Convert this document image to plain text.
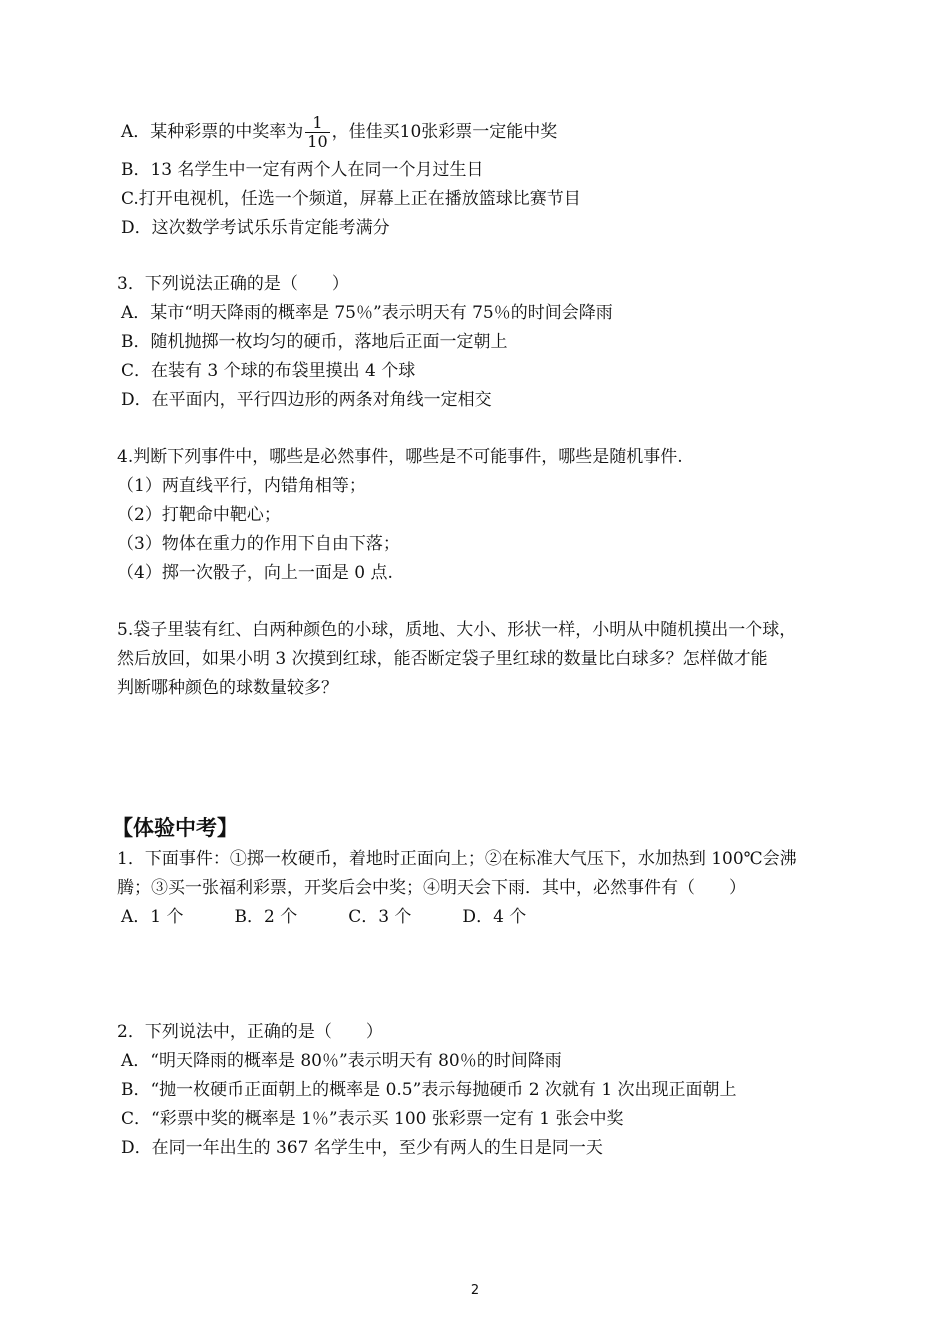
A．某种彩票的中奖率为 $\frac{1}{10}$ ，佳佳买10张彩票一定能中奖
B．13 名学生中一定有两个人在同一个月过生日
C.打开电视机，任选一个频道，屏幕上正在播放篮球比赛节目
D．这次数学考试乐乐肯定能考满分
3．下列说法正确的是（　　）
A．某市“明天降雨的概率是 75％”表示明天有 75％的时间会降雨
B．随机抛掷一枚均匀的硬币，落地后正面一定朝上
C．在装有 3 个球的布袋里摸出 4 个球
D．在平面内，平行四边形的两条对角线一定相交
4.判断下列事件中，哪些是必然事件，哪些是不可能事件，哪些是随机事件.
（1）两直线平行，内错角相等；
（2）打靶命中靶心；
（3）物体在重力的作用下自由下落；
（4）掷一次骰子，向上一面是 0 点.
5.袋子里装有红、白两种颜色的小球，质地、大小、形状一样，小明从中随机摸出一个球，
然后放回，如果小明 3 次摸到红球，能否断定袋子里红球的数量比白球多？怎样做才能
判断哪种颜色的球数量较多？
【体验中考】
1．下面事件：①掷一枚硬币，着地时正面向上；②在标准大气压下，水加热到 100℃会沸
腾；③买一张福利彩票，开奖后会中奖；④明天会下雨．其中，必然事件有（　　）
A．1 个　　　B．2 个　　　C．3 个　　　D．4 个
2．下列说法中，正确的是（　　）
A．“明天降雨的概率是 80％”表示明天有 80％的时间降雨
B．“抛一枚硬币正面朝上的概率是 0.5”表示每抛硬币 2 次就有 1 次出现正面朝上
C．“彩票中奖的概率是 1％”表示买 100 张彩票一定有 1 张会中奖
D．在同一年出生的 367 名学生中，至少有两人的生日是同一天
2
